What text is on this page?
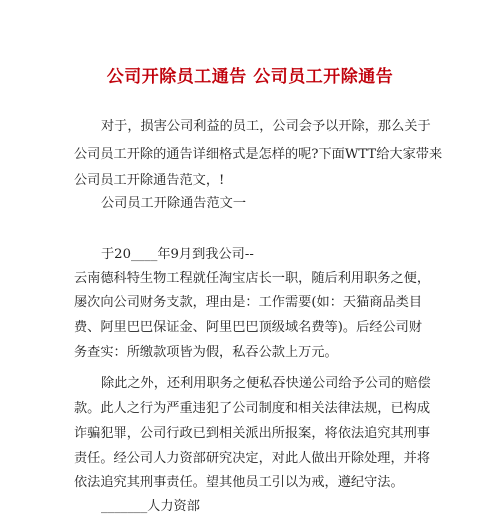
公司开除员工通告 公司员工开除通告
对于，损害公司利益的员工，公司会予以开除，那么关于
公司员工开除的通告详细格式是怎样的呢?下面WTT给大家带来
公司员工开除通告范文，!
公司员工开除通告范文一
于20____年9月到我公司--
云南德科特生物工程就任淘宝店长一职，随后利用职务之便，
屡次向公司财务支款，理由是：工作需要(如：天猫商品类目
费、阿里巴巴保证金、阿里巴巴顶级域名费等)。后经公司财
务查实：所缴款项皆为假，私吞公款上万元。
除此之外，还利用职务之便私吞快递公司给予公司的赔偿
款。此人之行为严重违犯了公司制度和相关法律法规，已构成
诈骗犯罪，公司行政已到相关派出所报案，将依法追究其刑事
责任。经公司人力资部研究决定，对此人做出开除处理，并将
依法追究其刑事责任。望其他员工引以为戒，遵纪守法。
_______人力资部
